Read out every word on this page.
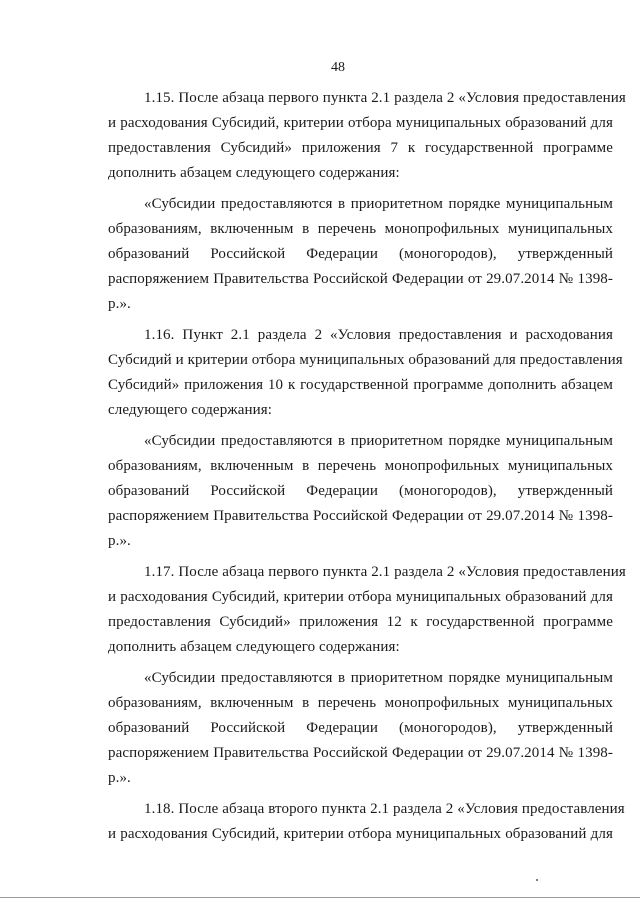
48
1.15. После абзаца первого пункта 2.1 раздела 2 «Условия предоставления
и расходования Субсидий, критерии отбора муниципальных образований для
предоставления Субсидий» приложения 7 к государственной программе
дополнить абзацем следующего содержания:
«Субсидии предоставляются в приоритетном порядке муниципальным
образованиям, включенным в перечень монопрофильных муниципальных
образований Российской Федерации (моногородов), утвержденный
распоряжением Правительства Российской Федерации от 29.07.2014 № 1398-
р.».
1.16. Пункт 2.1 раздела 2 «Условия предоставления и расходования
Субсидий и критерии отбора муниципальных образований для предоставления
Субсидий» приложения 10 к государственной программе дополнить абзацем
следующего содержания:
«Субсидии предоставляются в приоритетном порядке муниципальным
образованиям, включенным в перечень монопрофильных муниципальных
образований Российской Федерации (моногородов), утвержденный
распоряжением Правительства Российской Федерации от 29.07.2014 № 1398-
р.».
1.17. После абзаца первого пункта 2.1 раздела 2 «Условия предоставления
и расходования Субсидий, критерии отбора муниципальных образований для
предоставления Субсидий» приложения 12 к государственной программе
дополнить абзацем следующего содержания:
«Субсидии предоставляются в приоритетном порядке муниципальным
образованиям, включенным в перечень монопрофильных муниципальных
образований Российской Федерации (моногородов), утвержденный
распоряжением Правительства Российской Федерации от 29.07.2014 № 1398-
р.».
1.18. После абзаца второго пункта 2.1 раздела 2 «Условия предоставления
и расходования Субсидий, критерии отбора муниципальных образований для
